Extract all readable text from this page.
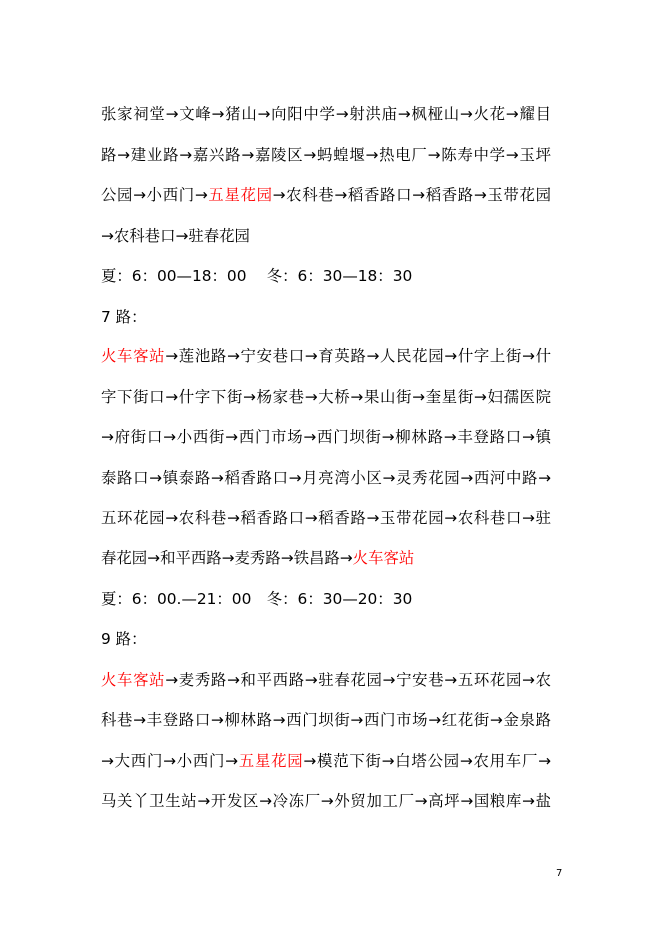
张家祠堂→文峰→猪山→向阳中学→射洪庙→枫桠山→火花→耀目
路→建业路→嘉兴路→嘉陵区→蚂蝗堰→热电厂→陈寿中学→玉坪
公园→小西门→五星花园→农科巷→稻香路口→稻香路→玉带花园
→农科巷口→驻春花园
夏：6：00—18：00　 冬：6：30—18：30
7 路：
火车客站→莲池路→宁安巷口→育英路→人民花园→什字上街→什
字下街口→什字下街→杨家巷→大桥→果山街→奎星街→妇孺医院
→府街口→小西街→西门市场→西门坝街→柳林路→丰登路口→镇
泰路口→镇泰路→稻香路口→月亮湾小区→灵秀花园→西河中路→
五环花园→农科巷→稻香路口→稻香路→玉带花园→农科巷口→驻
春花园→和平西路→麦秀路→铁昌路→火车客站
夏：6：00.—21：00　冬：6：30—20：30
9 路：
火车客站→麦秀路→和平西路→驻春花园→宁安巷→五环花园→农
科巷→丰登路口→柳林路→西门坝街→西门市场→红花街→金泉路
→大西门→小西门→五星花园→模范下街→白塔公园→农用车厂→
马关丫卫生站→开发区→冷冻厂→外贸加工厂→高坪→国粮库→盐
7
